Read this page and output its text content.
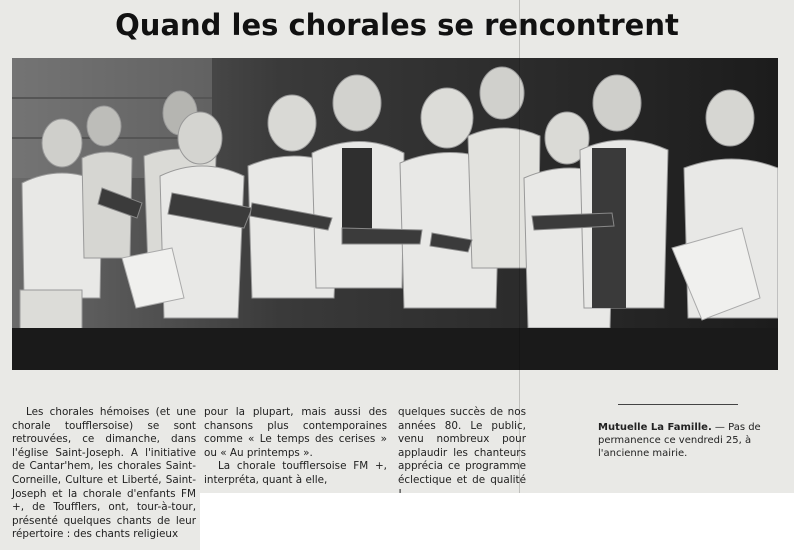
Quand les chorales se rencontrent

Les chorales hémoises (et une chorale toufflersoise) se sont retrouvées, ce dimanche, dans l'église Saint-Joseph. A l'initiative de Cantar'hem, les chorales Saint-Corneille, Culture et Liberté, Saint-Joseph et la chorale d'enfants FM +, de Toufflers, ont, tour-à-tour, présenté quelques chants de leur répertoire : des chants religieux

pour la plupart, mais aussi des chansons plus contemporaines comme « Le temps des cerises » ou « Au printemps ».

La chorale toufflersoise FM +, interpréta, quant à elle,

quelques succès de nos années 80. Le public, venu nombreux pour applaudir les chanteurs apprécia ce programme éclectique et de qualité

Mutuelle La Famille. — Pas de permanence ce vendredi 25, à l'ancienne mairie.
